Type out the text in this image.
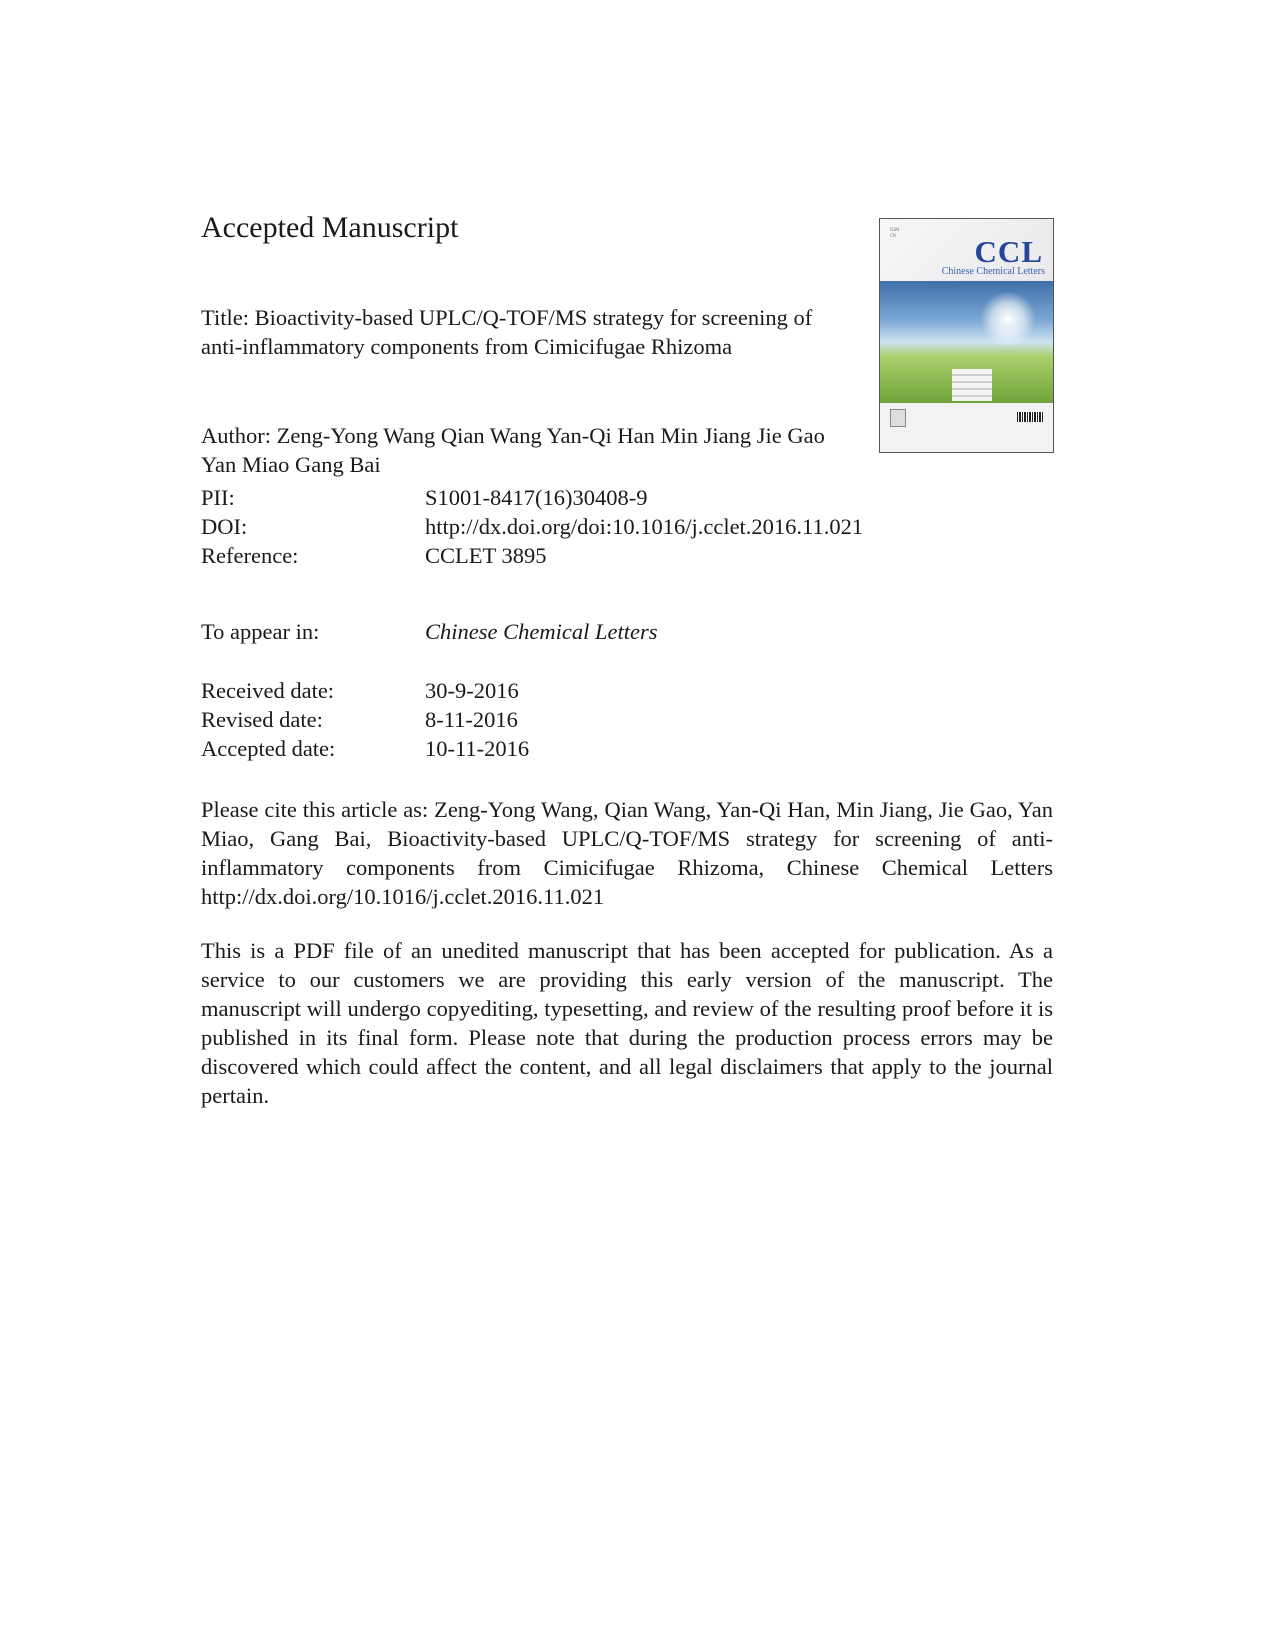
Accepted Manuscript
Title: Bioactivity-based UPLC/Q-TOF/MS strategy for screening of anti-inflammatory components from Cimicifugae Rhizoma
Author: Zeng-Yong Wang Qian Wang Yan-Qi Han Min Jiang Jie Gao Yan Miao Gang Bai
PII:	S1001-8417(16)30408-9
DOI:	http://dx.doi.org/doi:10.1016/j.cclet.2016.11.021
Reference:	CCLET 3895
To appear in:	Chinese Chemical Letters
Received date:	30-9-2016
Revised date:	8-11-2016
Accepted date:	10-11-2016
Please cite this article as: Zeng-Yong Wang, Qian Wang, Yan-Qi Han, Min Jiang, Jie Gao, Yan Miao, Gang Bai, Bioactivity-based UPLC/Q-TOF/MS strategy for screening of anti-inflammatory components from Cimicifugae Rhizoma, Chinese Chemical Letters http://dx.doi.org/10.1016/j.cclet.2016.11.021
This is a PDF file of an unedited manuscript that has been accepted for publication. As a service to our customers we are providing this early version of the manuscript. The manuscript will undergo copyediting, typesetting, and review of the resulting proof before it is published in its final form. Please note that during the production process errors may be discovered which could affect the content, and all legal disclaimers that apply to the journal pertain.
ISSN
CN	CCL
Chinese Chemical Letters
